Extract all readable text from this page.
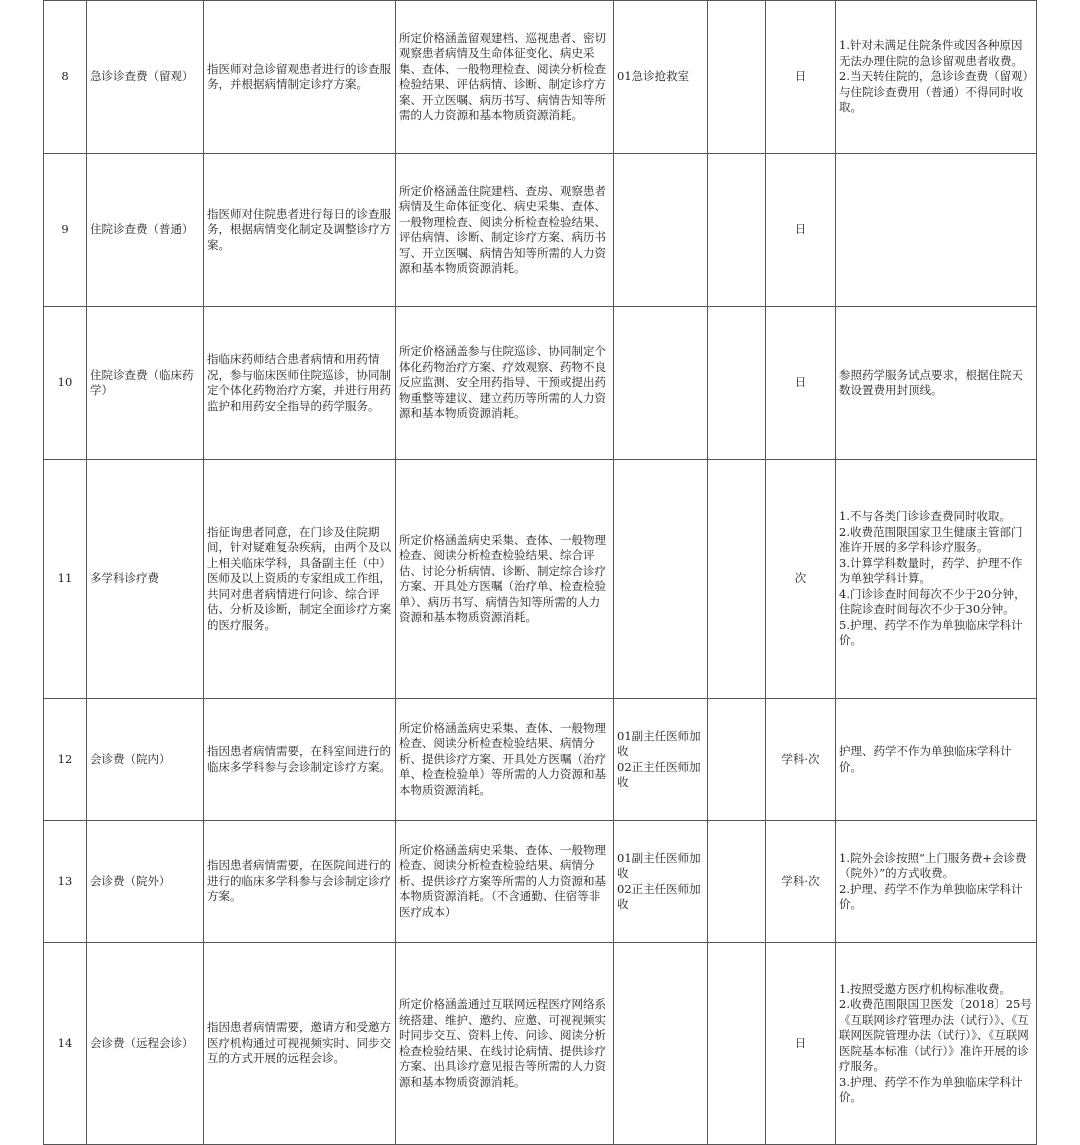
8	急诊诊查费（留观）	指医师对急诊留观患者进行的诊查服务，并根据病情制定诊疗方案。	所定价格涵盖留观建档、巡视患者、密切观察患者病情及生命体征变化、病史采集、查体、一般物理检查、阅读分析检查检验结果、评估病情、诊断、制定诊疗方案、开立医嘱、病历书写、病情告知等所需的人力资源和基本物质资源消耗。	01急诊抢救室		日	1.针对未满足住院条件或因各种原因无法办理住院的急诊留观患者收费。
2.当天转住院的，急诊诊查费（留观）与住院诊查费用（普通）不得同时收取。

9	住院诊查费（普通）	指医师对住院患者进行每日的诊查服务，根据病情变化制定及调整诊疗方案。	所定价格涵盖住院建档、查房、观察患者病情及生命体征变化、病史采集、查体、一般物理检查、阅读分析检查检验结果、评估病情、诊断、制定诊疗方案、病历书写、开立医嘱、病情告知等所需的人力资源和基本物质资源消耗。			日	
10	住院诊查费（临床药学）	指临床药师结合患者病情和用药情况，参与临床医师住院巡诊，协同制定个体化药物治疗方案，并进行用药监护和用药安全指导的药学服务。	所定价格涵盖参与住院巡诊、协同制定个体化药物治疗方案、疗效观察、药物不良反应监测、安全用药指导、干预或提出药物重整等建议、建立药历等所需的人力资源和基本物质资源消耗。			日	参照药学服务试点要求，根据住院天数设置费用封顶线。

11	多学科诊疗费	指征询患者同意，在门诊及住院期间，针对疑难复杂疾病，由两个及以上相关临床学科，具备副主任（中）医师及以上资质的专家组成工作组，共同对患者病情进行问诊、综合评估、分析及诊断，制定全面诊疗方案的医疗服务。	所定价格涵盖病史采集、查体、一般物理检查、阅读分析检查检验结果、综合评估、讨论分析病情、诊断、制定综合诊疗方案、开具处方医嘱（治疗单、检查检验单）、病历书写、病情告知等所需的人力资源和基本物质资源消耗。			次	1.不与各类门诊诊查费同时收取。
2.收费范围限国家卫生健康主管部门准许开展的多学科诊疗服务。
3.计算学科数量时，药学、护理不作为单独学科计算。
4.门诊诊查时间每次不少于20分钟，住院诊查时间每次不少于30分钟。
5.护理、药学不作为单独临床学科计价。

12	会诊费（院内）	指因患者病情需要，在科室间进行的临床多学科参与会诊制定诊疗方案。	所定价格涵盖病史采集、查体、一般物理检查、阅读分析检查检验结果、病情分析、提供诊疗方案、开具处方医嘱（治疗单、检查检验单）等所需的人力资源和基本物质资源消耗。	01副主任医师加收
02正主任医师加收		学科·次	护理、药学不作为单独临床学科计价。

13	会诊费（院外）	指因患者病情需要，在医院间进行的进行的临床多学科参与会诊制定诊疗方案。	所定价格涵盖病史采集、查体、一般物理检查、阅读分析检查检验结果、病情分析、提供诊疗方案等所需的人力资源和基本物质资源消耗。（不含通勤、住宿等非医疗成本）	01副主任医师加收
02正主任医师加收		学科·次	1.院外会诊按照“上门服务费+会诊费（院外）”的方式收费。
2.护理、药学不作为单独临床学科计价。

14	会诊费（远程会诊）	指因患者病情需要，邀请方和受邀方医疗机构通过可视视频实时、同步交互的方式开展的远程会诊。	所定价格涵盖通过互联网远程医疗网络系统搭建、维护、邀约、应邀、可视视频实时同步交互、资料上传、问诊、阅读分析检查检验结果、在线讨论病情、提供诊疗方案、出具诊疗意见报告等所需的人力资源和基本物质资源消耗。			日	1.按照受邀方医疗机构标准收费。
2.收费范围限国卫医发〔2018〕25号《互联网诊疗管理办法（试行）》、《互联网医院管理办法（试行）》、《互联网医院基本标准（试行）》准许开展的诊疗服务。
3.护理、药学不作为单独临床学科计价。
